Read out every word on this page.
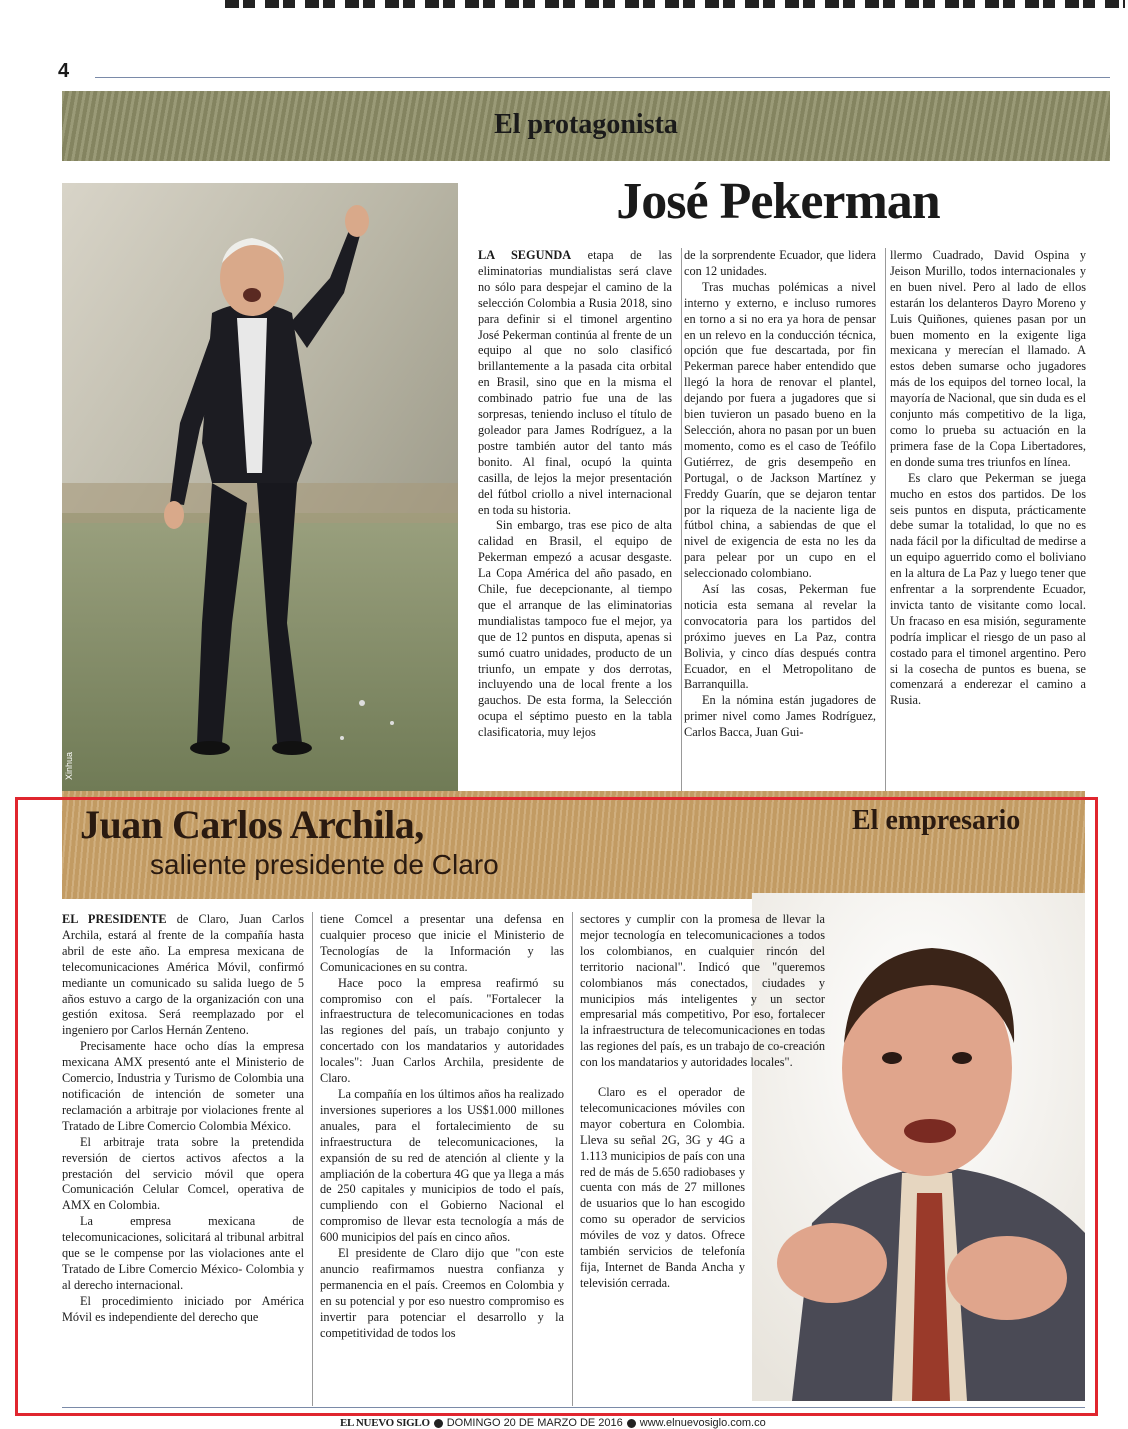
4
El protagonista
Xinhua
José Pekerman

LA SEGUNDA etapa de las eliminatorias mundialistas será clave no sólo para despejar el camino de la selección Colombia a Rusia 2018, sino para definir si el timonel argentino José Pekerman continúa al frente de un equipo al que no solo clasificó brillantemente a la pasada cita orbital en Brasil, sino que en la misma el combinado patrio fue una de las sorpresas, teniendo incluso el título de goleador para James Rodríguez, a la postre también autor del tanto más bonito. Al final, ocupó la quinta casilla, de lejos la mejor presentación del fútbol criollo a nivel internacional en toda su historia.

Sin embargo, tras ese pico de alta calidad en Brasil, el equipo de Pekerman empezó a acusar desgaste. La Copa América del año pasado, en Chile, fue decepcionante, al tiempo que el arranque de las eliminatorias mundialistas tampoco fue el mejor, ya que de 12 puntos en disputa, apenas si sumó cuatro unidades, producto de un triunfo, un empate y dos derrotas, incluyendo una de local frente a los gauchos. De esta forma, la Selección ocupa el séptimo puesto en la tabla clasificatoria, muy lejos

de la sorprendente Ecuador, que lidera con 12 unidades.

Tras muchas polémicas a nivel interno y externo, e incluso rumores en torno a si no era ya hora de pensar en un relevo en la conducción técnica, opción que fue descartada, por fin Pekerman parece haber entendido que llegó la hora de renovar el plantel, dejando por fuera a jugadores que si bien tuvieron un pasado bueno en la Selección, ahora no pasan por un buen momento, como es el caso de Teófilo Gutiérrez, de gris desempeño en Portugal, o de Jackson Martínez y Freddy Guarín, que se dejaron tentar por la riqueza de la naciente liga de fútbol china, a sabiendas de que el nivel de exigencia de esta no les da para pelear por un cupo en el seleccionado colombiano.

Así las cosas, Pekerman fue noticia esta semana al revelar la convocatoria para los partidos del próximo jueves en La Paz, contra Bolivia, y cinco días después contra Ecuador, en el Metropolitano de Barranquilla.

En la nómina están jugadores de primer nivel como James Rodríguez, Carlos Bacca, Juan Gui-

llermo Cuadrado, David Ospina y Jeison Murillo, todos internacionales y en buen nivel. Pero al lado de ellos estarán los delanteros Dayro Moreno y Luis Quiñones, quienes pasan por un buen momento en la exigente liga mexicana y merecían el llamado. A estos deben sumarse ocho jugadores más de los equipos del torneo local, la mayoría de Nacional, que sin duda es el conjunto más competitivo de la liga, como lo prueba su actuación en la primera fase de la Copa Libertadores, en donde suma tres triunfos en línea.

Es claro que Pekerman se juega mucho en estos dos partidos. De los seis puntos en disputa, prácticamente debe sumar la totalidad, lo que no es nada fácil por la dificultad de medirse a un equipo aguerrido como el boliviano en la altura de La Paz y luego tener que enfrentar a la sorprendente Ecuador, invicta tanto de visitante como local. Un fracaso en esa misión, seguramente podría implicar el riesgo de un paso al costado para el timonel argentino. Pero si la cosecha de puntos es buena, se comenzará a enderezar el camino a Rusia.

Juan Carlos Archila,
saliente presidente de Claro
El empresario

EL PRESIDENTE de Claro, Juan Carlos Archila, estará al frente de la compañía hasta abril de este año. La empresa mexicana de telecomunicaciones América Móvil, confirmó mediante un comunicado su salida luego de 5 años estuvo a cargo de la organización con una gestión exitosa. Será reemplazado por el ingeniero por Carlos Hernán Zenteno.

Precisamente hace ocho días la empresa mexicana AMX presentó ante el Ministerio de Comercio, Industria y Turismo de Colombia una notificación de intención de someter una reclamación a arbitraje por violaciones frente al Tratado de Libre Comercio Colombia México.

El arbitraje trata sobre la pretendida reversión de ciertos activos afectos a la prestación del servicio móvil que opera Comunicación Celular Comcel, operativa de AMX en Colombia.

La empresa mexicana de telecomunicaciones, solicitará al tribunal arbitral que se le compense por las violaciones ante el Tratado de Libre Comercio México- Colombia y al derecho internacional.

El procedimiento iniciado por América Móvil es independiente del derecho que

tiene Comcel a presentar una defensa en cualquier proceso que inicie el Ministerio de Tecnologías de la Información y las Comunicaciones en su contra.

Hace poco la empresa reafirmó su compromiso con el país. "Fortalecer la infraestructura de telecomunicaciones en todas las regiones del país, un trabajo conjunto y concertado con los mandatarios y autoridades locales": Juan Carlos Archila, presidente de Claro.

La compañía en los últimos años ha realizado inversiones superiores a los US$1.000 millones anuales, para el fortalecimiento de su infraestructura de telecomunicaciones, la expansión de su red de atención al cliente y la ampliación de la cobertura 4G que ya llega a más de 250 capitales y municipios de todo el país, cumpliendo con el Gobierno Nacional el compromiso de llevar esta tecnología a más de 600 municipios del país en cinco años.

El presidente de Claro dijo que "con este anuncio reafirmamos nuestra confianza y permanencia en el país. Creemos en Colombia y en su potencial y por eso nuestro compromiso es invertir para potenciar el desarrollo y la competitividad de todos los

sectores y cumplir con la promesa de llevar la mejor tecnología en telecomunicaciones a todos los colombianos, en cualquier rincón del territorio nacional". Indicó que "queremos colombianos más conectados, ciudades y municipios más inteligentes y un sector empresarial más competitivo, Por eso, fortalecer la infraestructura de telecomunicaciones en todas las regiones del país, es un trabajo de co-creación con los mandatarios y autoridades locales".

Claro es el operador de telecomunicaciones móviles con mayor cobertura en Colombia. Lleva su señal 2G, 3G y 4G a 1.113 municipios de país con una red de más de 5.650 radiobases y cuenta con más de 27 millones de usuarios que lo han escogido como su operador de servicios móviles de voz y datos. Ofrece también servicios de telefonía fija, Internet de Banda Ancha y televisión cerrada.

EL NUEVO SIGLO DOMINGO 20 DE MARZO DE 2016 www.elnuevosiglo.com.co
